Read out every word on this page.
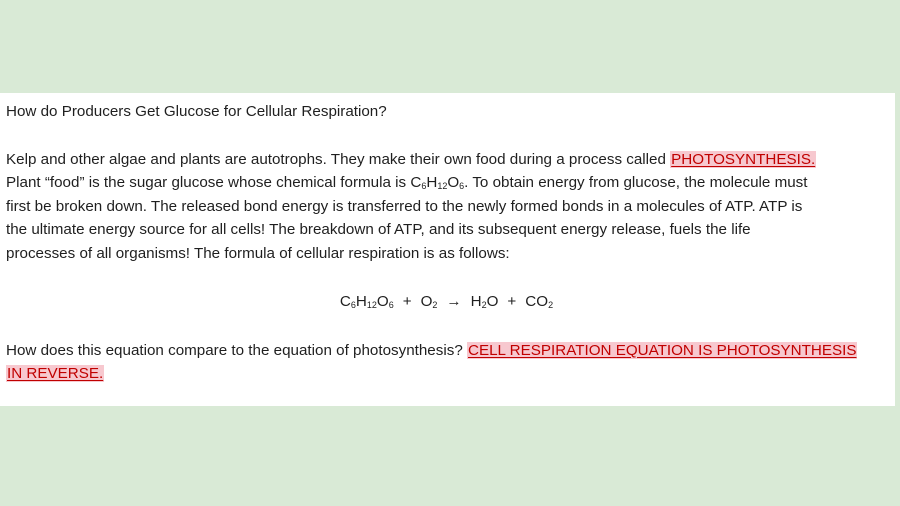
How do Producers Get Glucose for Cellular Respiration?

Kelp and other algae and plants are autotrophs. They make their own food during a process called PHOTOSYNTHESIS.
Plant “food” is the sugar glucose whose chemical formula is $C_6H_{12}O_6$. To obtain energy from glucose, the molecule must
first be broken down. The released bond energy is transferred to the newly formed bonds in a molecules of ATP. ATP is
the ultimate energy source for all cells! The breakdown of ATP, and its subsequent energy release, fuels the life
processes of all organisms! The formula of cellular respiration is as follows:
$C_6H_{12}O_6 + O_2 \to H_2O + CO_2$
How does this equation compare to the equation of photosynthesis? CELL RESPIRATION EQUATION IS PHOTOSYNTHESIS
IN REVERSE.
